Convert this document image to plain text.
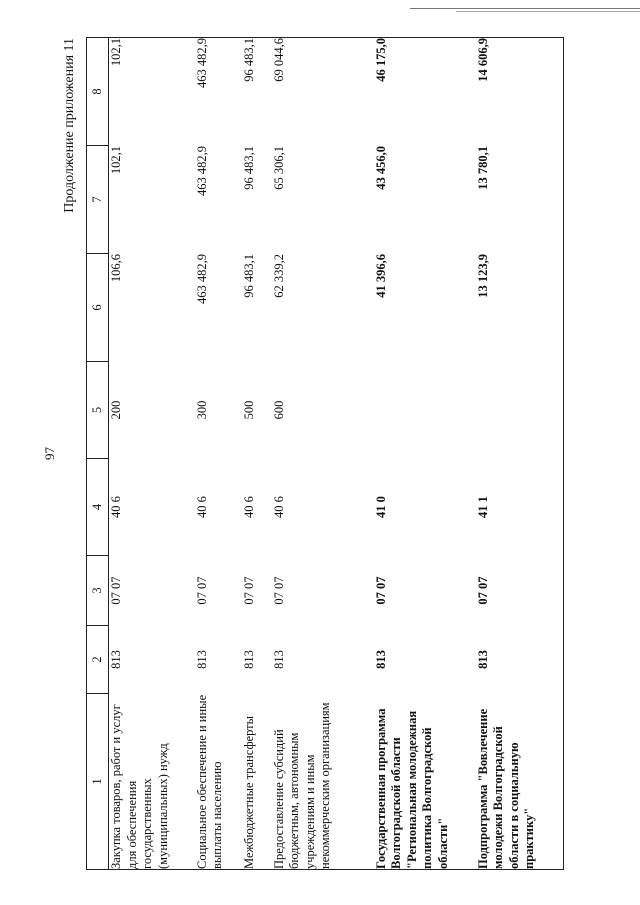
97
Продолжение приложения 11
1	2	3	4	5	6	7	8
Закупка товаров, работ и услуг для обеспечения государственных (муниципальных) нужд	813	07 07	40 6	200	106,6	102,1	102,1
Социальное обеспечение и иные выплаты населению	813	07 07	40 6	300	463 482,9	463 482,9	463 482,9
Межбюджетные трансферты	813	07 07	40 6	500	96 483,1	96 483,1	96 483,1
Предоставление субсидий бюджетным, автономным учреждениям и иным некоммерческим организациям	813	07 07	40 6	600	62 339,2	65 306,1	69 044,6
Государственная программа Волгоградской области "Региональная молодежная политика Волгоградской области"	813	07 07	41 0		41 396,6	43 456,0	46 175,0
Подпрограмма "Вовлечение молодежи Волгоградской области в социальную практику"	813	07 07	41 1		13 123,9	13 780,1	14 606,9
